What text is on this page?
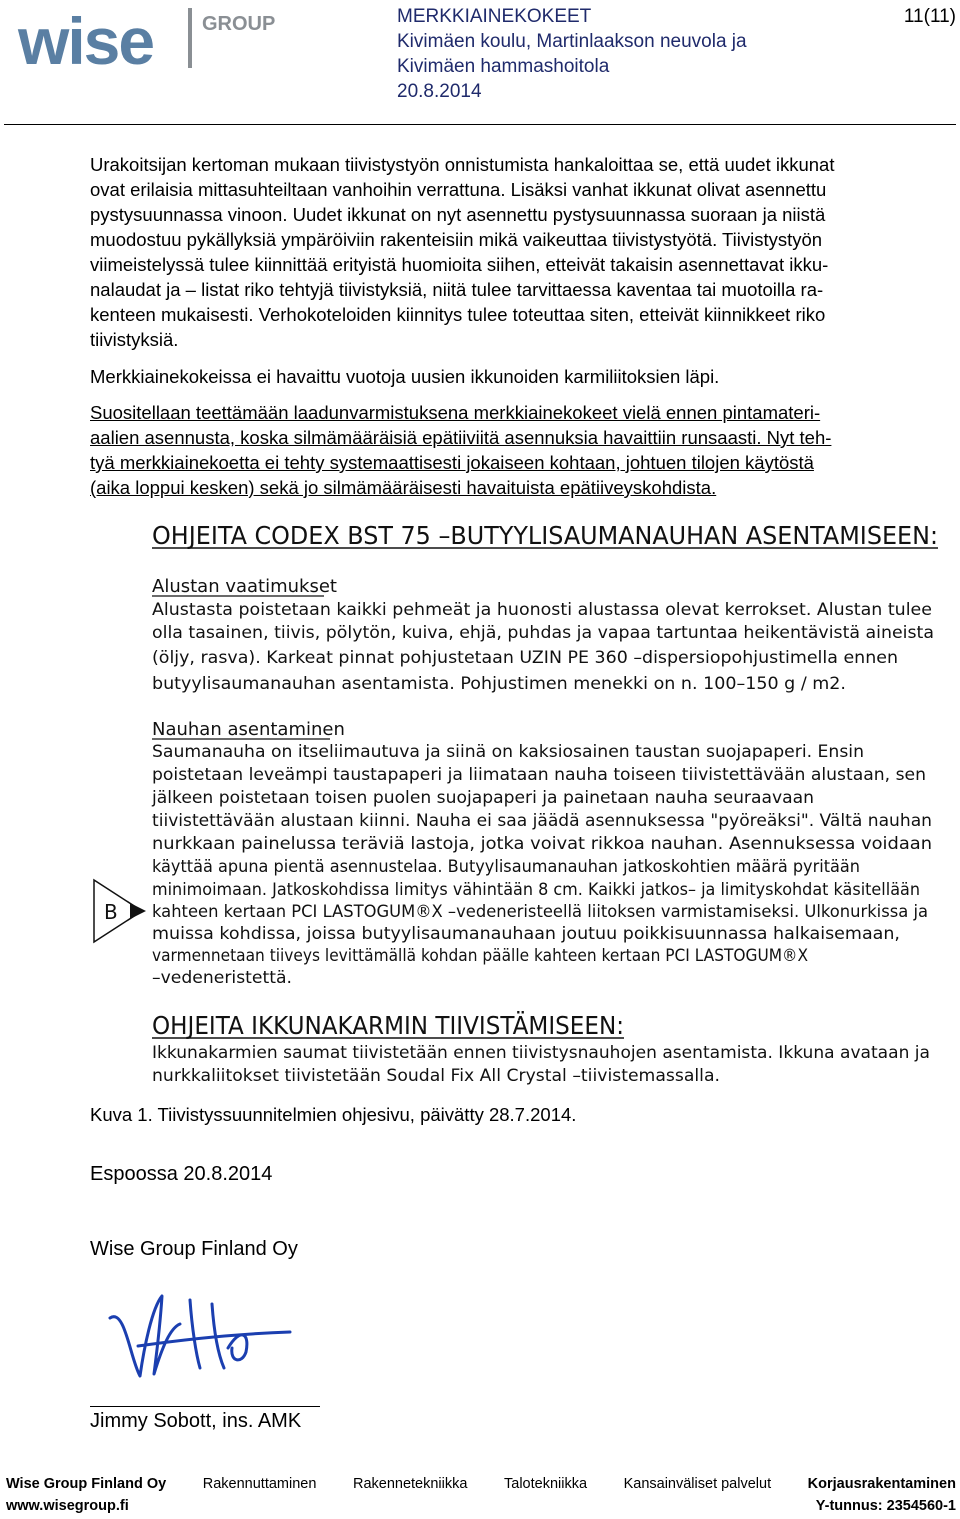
wise GROUP	MERKKIAINEKOKEET
Kivimäen koulu, Martinlaakson neuvola ja
Kivimäen hammashoitola
20.8.2014
11(11)
Urakoitsijan kertoman mukaan tiivistystyön onnistumista hankaloittaa se, että uudet ikkunat
ovat erilaisia mittasuhteiltaan vanhoihin verrattuna. Lisäksi vanhat ikkunat olivat asennettu
pystysuunnassa vinoon. Uudet ikkunat on nyt asennettu pystysuunnassa suoraan ja niistä
muodostuu pykällyksiä ympäröiviin rakenteisiin mikä vaikeuttaa tiivistystyötä. Tiivistystyön
viimeistelyssä tulee kiinnittää erityistä huomioita siihen, etteivät takaisin asennettavat ikku-
nalaudat ja – listat riko tehtyjä tiivistyksiä, niitä tulee tarvittaessa kaventaa tai muotoilla ra-
kenteen mukaisesti. Verhokoteloiden kiinnitys tulee toteuttaa siten, etteivät kiinnikkeet riko
tiivistyksiä.
Merkkiainekokeissa ei havaittu vuotoja uusien ikkunoiden karmiliitoksien läpi.
Suositellaan teettämään laadunvarmistuksena merkkiainekokeet vielä ennen pintamateri-
aalien asennusta, koska silmämääräisiä epätiiviitä asennuksia havaittiin runsaasti. Nyt teh-
tyä merkkiainekoetta ei tehty systemaattisesti jokaiseen kohtaan, johtuen tilojen käytöstä
(aika loppui kesken) sekä jo silmämääräisesti havaituista epätiiveyskohdista.
OHJEITA CODEX BST 75 –BUTYYLISAUMANAUHAN ASENTAMISEEN:
Alustan vaatimukset
Alustasta poistetaan kaikki pehmeät ja huonosti alustassa olevat kerrokset. Alustan tulee
olla tasainen, tiivis, pölytön, kuiva, ehjä, puhdas ja vapaa tartuntaa heikentävistä aineista
(öljy, rasva). Karkeat pinnat pohjustetaan UZIN PE 360 –dispersiopohjustimella ennen
butyylisaumanauhan asentamista. Pohjustimen menekki on n. 100–150 g / m2.
Nauhan asentaminen
Saumanauha on itseliimautuva ja siinä on kaksiosainen taustan suojapaperi. Ensin
poistetaan leveämpi taustapaperi ja liimataan nauha toiseen tiivistettävään alustaan, sen
jälkeen poistetaan toisen puolen suojapaperi ja painetaan nauha seuraavaan
tiivistettävään alustaan kiinni. Nauha ei saa jäädä asennuksessa "pyöreäksi". Vältä nauhan
nurkkaan painelussa teräviä lastoja, jotka voivat rikkoa nauhan. Asennuksessa voidaan
käyttää apuna pientä asennustelaa. Butyylisaumanauhan jatkoskohtien määrä pyritään
minimoimaan. Jatkoskohdissa limitys vähintään 8 cm. Kaikki jatkos– ja limityskohdat käsitellään
kahteen kertaan PCI LASTOGUM®X –vedeneristeellä liitoksen varmistamiseksi. Ulkonurkissa ja
muissa kohdissa, joissa butyylisaumanauhaan joutuu poikkisuunnassa halkaisemaan,
varmennetaan tiiveys levittämällä kohdan päälle kahteen kertaan PCI LASTOGUM®X
–vedeneristettä.
B
OHJEITA IKKUNAKARMIN TIIVISTÄMISEEN:
Ikkunakarmien saumat tiivistetään ennen tiivistysnauhojen asentamista. Ikkuna avataan ja
nurkkaliitokset tiivistetään Soudal Fix All Crystal –tiivistemassalla.
Kuva 1. Tiivistyssuunnitelmien ohjesivu, päivätty 28.7.2014.
Espoossa 20.8.2014
Wise Group Finland Oy
Jimmy Sobott, ins. AMK
Wise Group Finland Oy	Rakennuttaminen	Rakennetekniikka	Talotekniikka	Kansainväliset palvelut	Korjausrakentaminen
www.wisegroup.fi	Y-tunnus: 2354560-1
